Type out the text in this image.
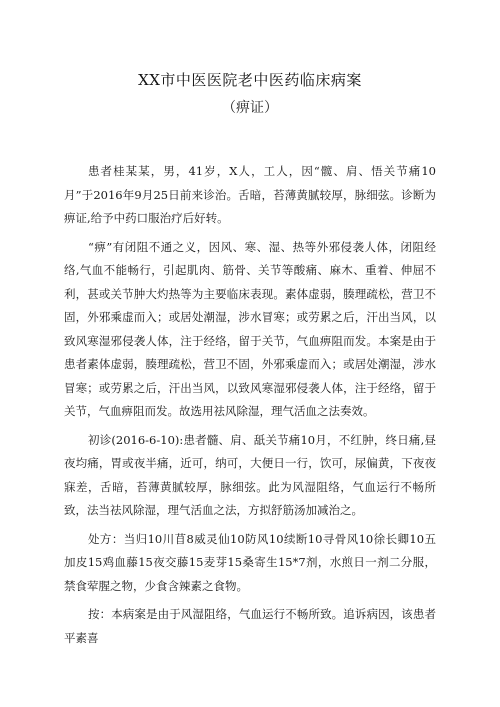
XX市中医医院老中医药临床病案
（痹证）

患者桂某某，男，41岁，X人，工人，因“髋、肩、悟关节痛10月”于2016年9月25日前来诊治。舌暗，苔薄黄腻较厚，脉细弦。诊断为痹证,给予中药口服治疗后好转。

“痹”有闭阻不通之义，因风、寒、湿、热等外邪侵袭人体，闭阻经络,气血不能畅行，引起肌肉、筋骨、关节等酸痛、麻木、重着、伸屈不利，甚或关节肿大灼热等为主要临床表现。素体虚弱，腠理疏松，营卫不固，外邪乘虚而入；或居处潮湿，涉水冒寒；或劳累之后，汗出当风，以致风寒湿邪侵袭人体，注于经络，留于关节，气血痹阻而发。本案是由于患者素体虚弱，腠理疏松，营卫不固，外邪乘虚而入；或居处潮湿，涉水冒寒；或劳累之后，汗出当风，以致风寒湿邪侵袭人体，注于经络，留于关节，气血痹阻而发。故选用祛风除湿，理气活血之法奏效。

初诊(2016-6-10):患者髓、肩、舐关节痛10月，不红肿，终日痛,昼夜均痛，胃或夜半痛，近可，纳可，大便日一行，饮可，尿偏黄，下夜夜寐差，舌暗，苔薄黄腻较厚，脉细弦。此为风湿阻络，气血运行不畅所致，法当祛风除湿，理气活血之法，方拟舒筋汤加减治之。

处方：当归10川苜8威灵仙10防风10续断10寻骨风10徐长卿10五加皮15鸡血藤15夜交藤15麦芽15桑寄生15*7剂，水煎日一剂二分服，禁食荤腥之物，少食含辣素之食物。

按：本病案是由于风湿阻络，气血运行不畅所致。追诉病因，该患者平素喜
